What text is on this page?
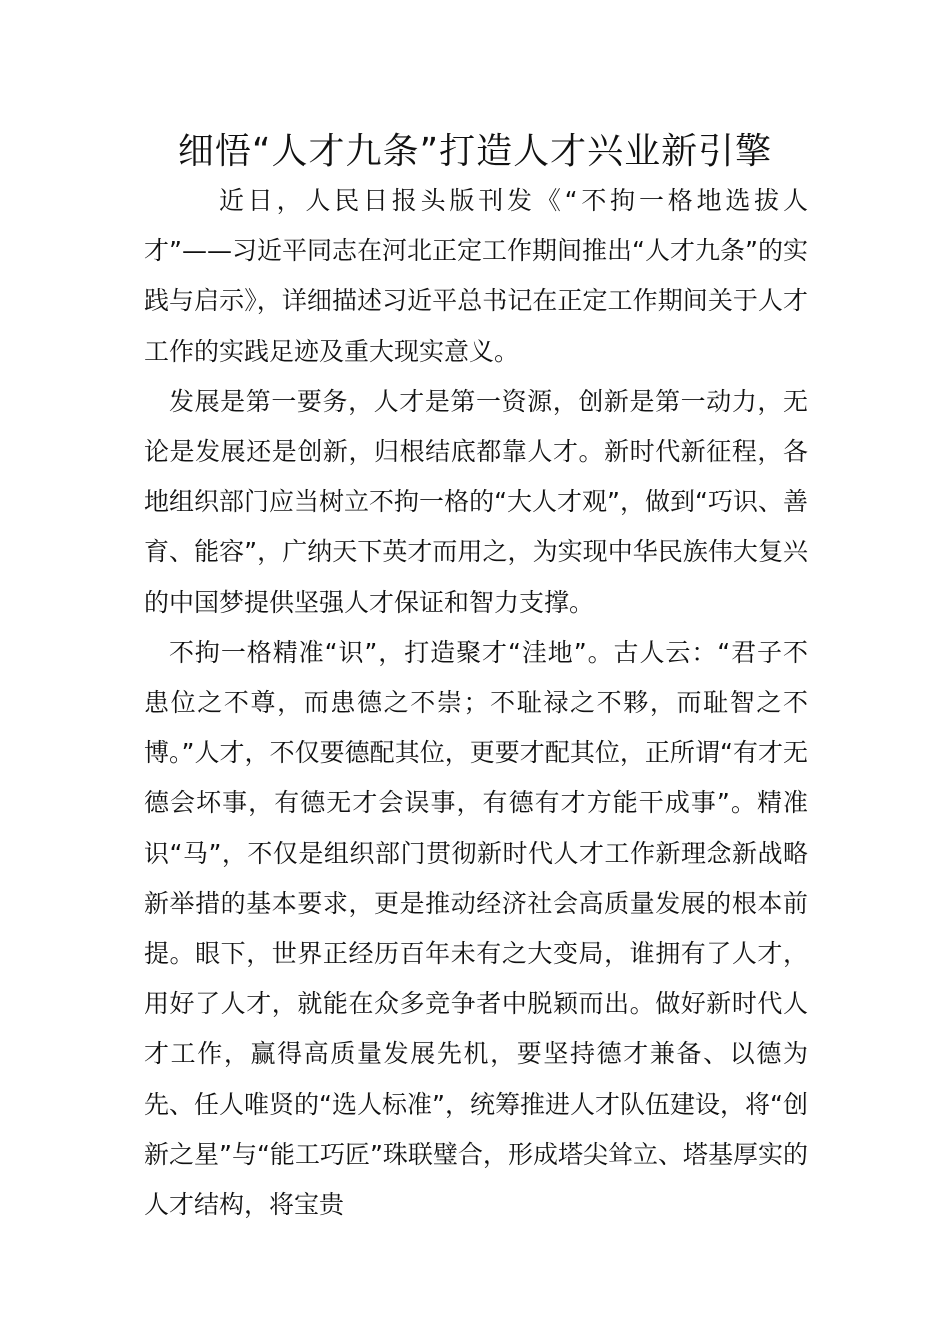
细悟“人才九条”打造人才兴业新引擎

近日，人民日报头版刊发《“不拘一格地选拔人才”——习近平同志在河北正定工作期间推出“人才九条”的实践与启示》，详细描述习近平总书记在正定工作期间关于人才工作的实践足迹及重大现实意义。

发展是第一要务，人才是第一资源，创新是第一动力，无论是发展还是创新，归根结底都靠人才。新时代新征程，各地组织部门应当树立不拘一格的“大人才观”，做到“巧识、善育、能容”，广纳天下英才而用之，为实现中华民族伟大复兴的中国梦提供坚强人才保证和智力支撑。

不拘一格精准“识”，打造聚才“洼地”。古人云：“君子不患位之不尊，而患德之不崇；不耻禄之不夥，而耻智之不博。”人才，不仅要德配其位，更要才配其位，正所谓“有才无德会坏事，有德无才会误事，有德有才方能干成事”。精准识“马”，不仅是组织部门贯彻新时代人才工作新理念新战略新举措的基本要求，更是推动经济社会高质量发展的根本前提。眼下，世界正经历百年未有之大变局，谁拥有了人才，用好了人才，就能在众多竞争者中脱颖而出。做好新时代人才工作，赢得高质量发展先机，要坚持德才兼备、以德为先、任人唯贤的“选人标准”，统筹推进人才队伍建设，将“创新之星”与“能工巧匠”珠联璧合，形成塔尖耸立、塔基厚实的人才结构，将宝贵
